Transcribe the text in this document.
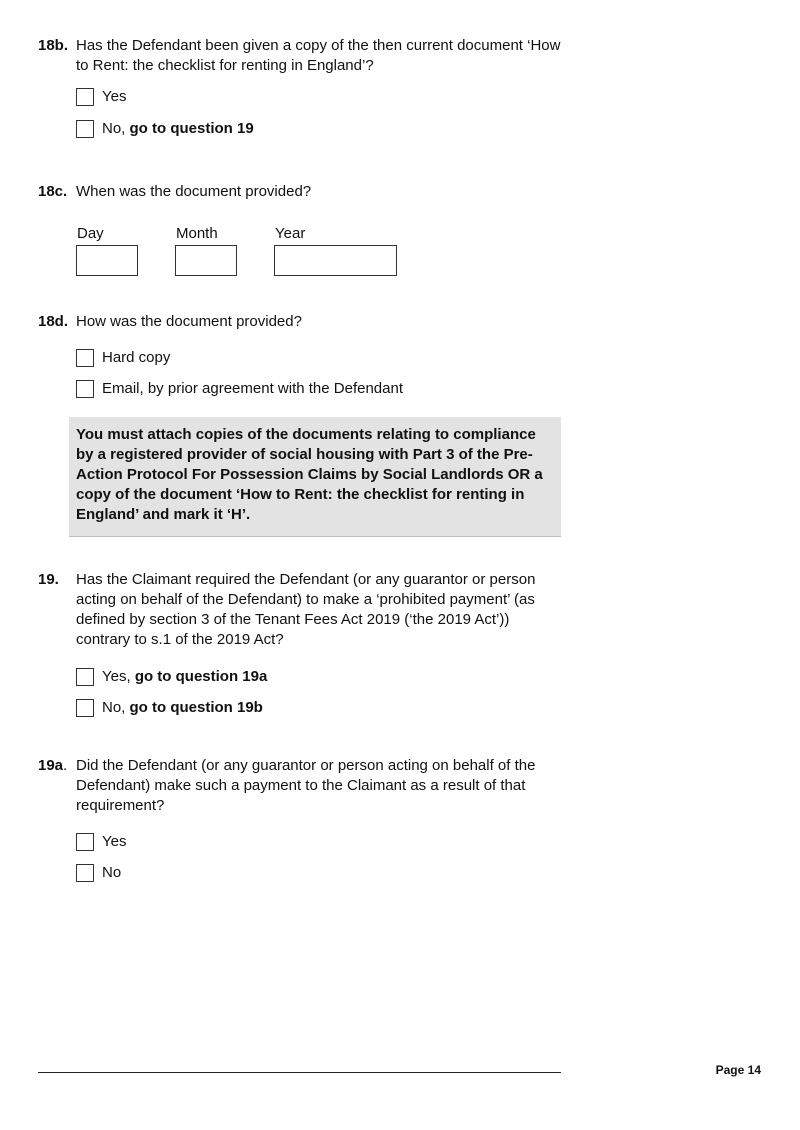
18b. Has the Defendant been given a copy of the then current document ‘How to Rent: the checklist for renting in England’?
Yes
No, go to question 19
18c. When was the document provided?
Day	Month	Year
18d. How was the document provided?
Hard copy
Email, by prior agreement with the Defendant
You must attach copies of the documents relating to compliance by a registered provider of social housing with Part 3 of the Pre-Action Protocol For Possession Claims by Social Landlords OR a copy of the document ‘How to Rent: the checklist for renting in England’ and mark it ‘H’.
19. Has the Claimant required the Defendant (or any guarantor or person acting on behalf of the Defendant) to make a ‘prohibited payment’ (as defined by section 3 of the Tenant Fees Act 2019 (‘the 2019 Act’)) contrary to s.1 of the 2019 Act?
Yes, go to question 19a
No, go to question 19b
19a. Did the Defendant (or any guarantor or person acting on behalf of the Defendant) make such a payment to the Claimant as a result of that requirement?
Yes
No
Page 14
